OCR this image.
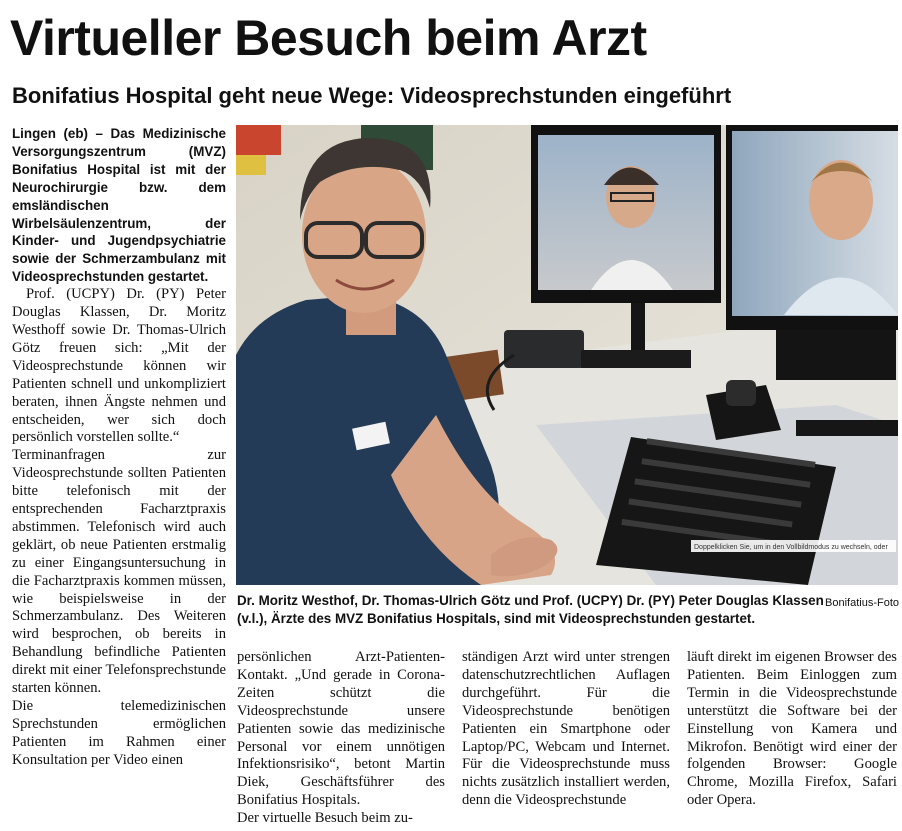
Virtueller Besuch beim Arzt
Bonifatius Hospital geht neue Wege: Videosprechstunden eingeführt

Lingen (eb) – Das Medizinische Versorgungszentrum (MVZ) Bonifatius Hospital ist mit der Neurochirurgie bzw. dem emsländischen Wirbelsäulenzentrum, der Kinder- und Jugendpsychiatrie sowie der Schmerzambulanz mit Videosprechstunden gestartet.

Prof. (UCPY) Dr. (PY) Peter Douglas Klassen, Dr. Moritz Westhoff sowie Dr. Thomas-Ulrich Götz freuen sich: „Mit der Videosprechstunde können wir Patienten schnell und unkompliziert beraten, ihnen Ängste nehmen und entscheiden, wer sich doch persönlich vorstellen sollte.“

Terminanfragen zur Videosprechstunde sollten Patienten bitte telefonisch mit der entsprechenden Facharztpraxis abstimmen. Telefonisch wird auch geklärt, ob neue Patienten erstmalig zu einer Eingangsuntersuchung in die Facharztpraxis kommen müssen, wie beispielsweise in der Schmerzambulanz. Des Weiteren wird besprochen, ob bereits in Behandlung befindliche Patienten direkt mit einer Telefonsprechstunde starten können.

Die telemedizinischen Sprechstunden ermöglichen Patienten im Rahmen einer Konsultation per Video einen

Doppelklicken Sie, um in den Vollbildmodus zu wechseln, oder

Bonifatius-Foto
Dr. Moritz Westhof, Dr. Thomas-Ulrich Götz und Prof. (UCPY) Dr. (PY) Peter Douglas Klassen (v.l.), Ärzte des MVZ Bonifatius Hospitals, sind mit Videosprechstunden gestartet.

persönlichen Arzt-Patienten-Kontakt. „Und gerade in Corona-Zeiten schützt die Videosprechstunde unsere Patienten sowie das medizinische Personal vor einem unnötigen Infektionsrisiko“, betont Martin Diek, Geschäftsführer des Bonifatius Hospitals.

Der virtuelle Besuch beim zu-

ständigen Arzt wird unter strengen datenschutzrechtlichen Auflagen durchgeführt. Für die Videosprechstunde benötigen Patienten ein Smartphone oder Laptop/PC, Webcam und Internet. Für die Videosprechstunde muss nichts zusätzlich installiert werden, denn die Videosprechstunde

läuft direkt im eigenen Browser des Patienten. Beim Einloggen zum Termin in die Videosprechstunde unterstützt die Software bei der Einstellung von Kamera und Mikrofon. Benötigt wird einer der folgenden Browser: Google Chrome, Mozilla Firefox, Safari oder Opera.
